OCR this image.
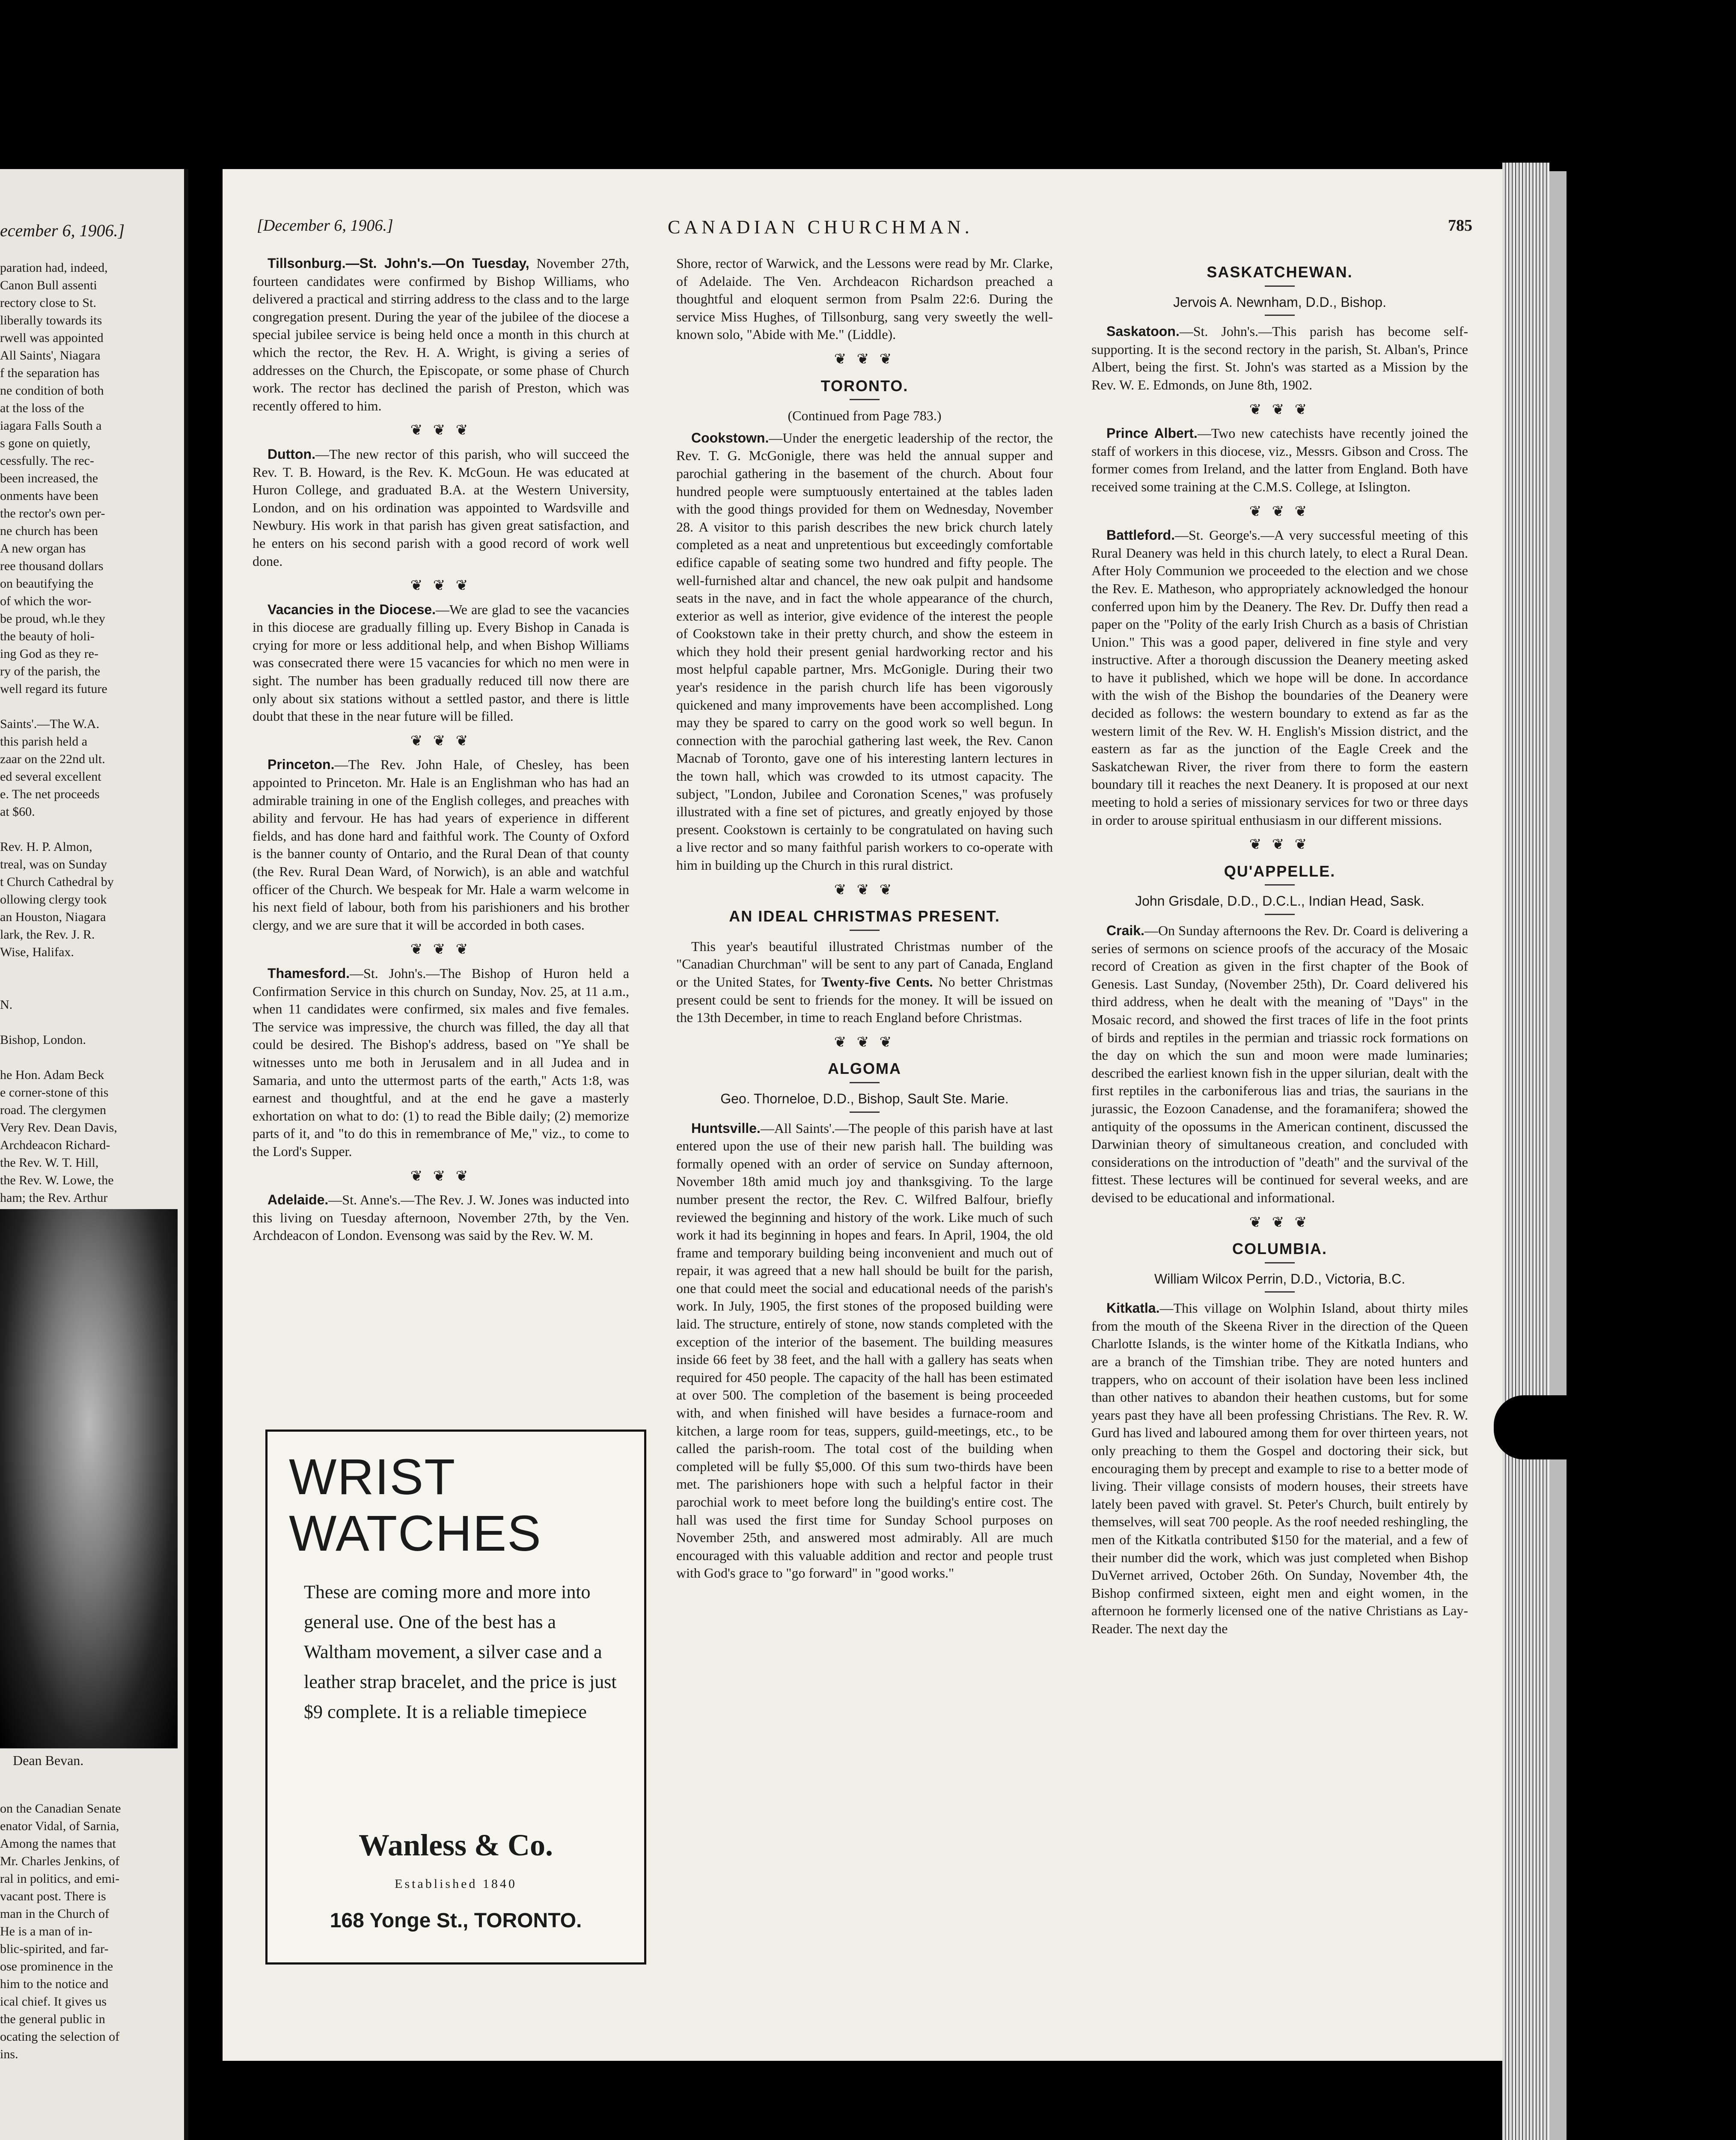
ecember 6, 1906.]
paration had, indeed,
Canon Bull assenti
rectory close to St.
liberally towards its
rwell was appointed
All Saints', Niagara
f the separation has
ne condition of both
at the loss of the
iagara Falls South a
s gone on quietly,
cessfully. The rec-
been increased, the
onments have been
the rector's own per-
ne church has been
A new organ has
ree thousand dollars
on beautifying the
of which the wor-
be proud, wh.le they
the beauty of holi-
ing God as they re-
ry of the parish, the
well regard its future

Saints'.—The W.A.
this parish held a
zaar on the 22nd ult.
ed several excellent
e. The net proceeds
at $60.

Rev. H. P. Almon,
treal, was on Sunday
t Church Cathedral by
ollowing clergy took
an Houston, Niagara
lark, the Rev. J. R.
Wise, Halifax.

N.

Bishop, London.

he Hon. Adam Beck
e corner-stone of this
road. The clergymen
Very Rev. Dean Davis,
Archdeacon Richard-
the Rev. W. T. Hill,
the Rev. W. Lowe, the
ham; the Rev. Arthur

Dean Bevan.
on the Canadian Senate
enator Vidal, of Sarnia,
Among the names that
Mr. Charles Jenkins, of
ral in politics, and emi-
vacant post. There is
man in the Church of
He is a man of in-
blic-spirited, and far-
ose prominence in the
him to the notice and
ical chief. It gives us
the general public in
ocating the selection of
ins.
[December 6, 1906.]	CANADIAN CHURCHMAN.	785

Tillsonburg.—St. John's.—On Tuesday, November 27th, fourteen candidates were confirmed by Bishop Williams, who delivered a practical and stirring address to the class and to the large congregation present. During the year of the jubilee of the diocese a special jubilee service is being held once a month in this church at which the rector, the Rev. H. A. Wright, is giving a series of addresses on the Church, the Episcopate, or some phase of Church work. The rector has declined the parish of Preston, which was recently offered to him.

❦ ❦ ❦

Dutton.—The new rector of this parish, who will succeed the Rev. T. B. Howard, is the Rev. K. McGoun. He was educated at Huron College, and graduated B.A. at the Western University, London, and on his ordination was appointed to Wardsville and Newbury. His work in that parish has given great satisfaction, and he enters on his second parish with a good record of work well done.

❦ ❦ ❦

Vacancies in the Diocese.—We are glad to see the vacancies in this diocese are gradually filling up. Every Bishop in Canada is crying for more or less additional help, and when Bishop Williams was consecrated there were 15 vacancies for which no men were in sight. The number has been gradually reduced till now there are only about six stations without a settled pastor, and there is little doubt that these in the near future will be filled.

❦ ❦ ❦

Princeton.—The Rev. John Hale, of Chesley, has been appointed to Princeton. Mr. Hale is an Englishman who has had an admirable training in one of the English colleges, and preaches with ability and fervour. He has had years of experience in different fields, and has done hard and faithful work. The County of Oxford is the banner county of Ontario, and the Rural Dean of that county (the Rev. Rural Dean Ward, of Norwich), is an able and watchful officer of the Church. We bespeak for Mr. Hale a warm welcome in his next field of labour, both from his parishioners and his brother clergy, and we are sure that it will be accorded in both cases.

❦ ❦ ❦

Thamesford.—St. John's.—The Bishop of Huron held a Confirmation Service in this church on Sunday, Nov. 25, at 11 a.m., when 11 candidates were confirmed, six males and five females. The service was impressive, the church was filled, the day all that could be desired. The Bishop's address, based on "Ye shall be witnesses unto me both in Jerusalem and in all Judea and in Samaria, and unto the uttermost parts of the earth," Acts 1:8, was earnest and thoughtful, and at the end he gave a masterly exhortation on what to do: (1) to read the Bible daily; (2) memorize parts of it, and "to do this in remembrance of Me," viz., to come to the Lord's Supper.

❦ ❦ ❦

Adelaide.—St. Anne's.—The Rev. J. W. Jones was inducted into this living on Tuesday afternoon, November 27th, by the Ven. Archdeacon of London. Evensong was said by the Rev. W. M.

WRIST
WATCHES
These are coming more and more into general use. One of the best has a Waltham movement, a silver case and a leather strap bracelet, and the price is just $9 complete. It is a reliable timepiece
Wanless & Co.
Established 1840
168 Yonge St., TORONTO.

Shore, rector of Warwick, and the Lessons were read by Mr. Clarke, of Adelaide. The Ven. Archdeacon Richardson preached a thoughtful and eloquent sermon from Psalm 22:6. During the service Miss Hughes, of Tillsonburg, sang very sweetly the well-known solo, "Abide with Me." (Liddle).

❦ ❦ ❦
TORONTO.
(Continued from Page 783.)

Cookstown.—Under the energetic leadership of the rector, the Rev. T. G. McGonigle, there was held the annual supper and parochial gathering in the basement of the church. About four hundred people were sumptuously entertained at the tables laden with the good things provided for them on Wednesday, November 28. A visitor to this parish describes the new brick church lately completed as a neat and unpretentious but exceedingly comfortable edifice capable of seating some two hundred and fifty people. The well-furnished altar and chancel, the new oak pulpit and handsome seats in the nave, and in fact the whole appearance of the church, exterior as well as interior, give evidence of the interest the people of Cookstown take in their pretty church, and show the esteem in which they hold their present genial hardworking rector and his most helpful capable partner, Mrs. McGonigle. During their two year's residence in the parish church life has been vigorously quickened and many improvements have been accomplished. Long may they be spared to carry on the good work so well begun. In connection with the parochial gathering last week, the Rev. Canon Macnab of Toronto, gave one of his interesting lantern lectures in the town hall, which was crowded to its utmost capacity. The subject, "London, Jubilee and Coronation Scenes," was profusely illustrated with a fine set of pictures, and greatly enjoyed by those present. Cookstown is certainly to be congratulated on having such a live rector and so many faithful parish workers to co-operate with him in building up the Church in this rural district.

❦ ❦ ❦
AN IDEAL CHRISTMAS PRESENT.

This year's beautiful illustrated Christmas number of the "Canadian Churchman" will be sent to any part of Canada, England or the United States, for Twenty-five Cents. No better Christmas present could be sent to friends for the money. It will be issued on the 13th December, in time to reach England before Christmas.

❦ ❦ ❦
ALGOMA
Geo. Thorneloe, D.D., Bishop, Sault Ste. Marie.

Huntsville.—All Saints'.—The people of this parish have at last entered upon the use of their new parish hall. The building was formally opened with an order of service on Sunday afternoon, November 18th amid much joy and thanksgiving. To the large number present the rector, the Rev. C. Wilfred Balfour, briefly reviewed the beginning and history of the work. Like much of such work it had its beginning in hopes and fears. In April, 1904, the old frame and temporary building being inconvenient and much out of repair, it was agreed that a new hall should be built for the parish, one that could meet the social and educational needs of the parish's work. In July, 1905, the first stones of the proposed building were laid. The structure, entirely of stone, now stands completed with the exception of the interior of the basement. The building measures inside 66 feet by 38 feet, and the hall with a gallery has seats when required for 450 people. The capacity of the hall has been estimated at over 500. The completion of the basement is being proceeded with, and when finished will have besides a furnace-room and kitchen, a large room for teas, suppers, guild-meetings, etc., to be called the parish-room. The total cost of the building when completed will be fully $5,000. Of this sum two-thirds have been met. The parishioners hope with such a helpful factor in their parochial work to meet before long the building's entire cost. The hall was used the first time for Sunday School purposes on November 25th, and answered most admirably. All are much encouraged with this valuable addition and rector and people trust with God's grace to "go forward" in "good works."

SASKATCHEWAN.
Jervois A. Newnham, D.D., Bishop.

Saskatoon.—St. John's.—This parish has become self-supporting. It is the second rectory in the parish, St. Alban's, Prince Albert, being the first. St. John's was started as a Mission by the Rev. W. E. Edmonds, on June 8th, 1902.

❦ ❦ ❦

Prince Albert.—Two new catechists have recently joined the staff of workers in this diocese, viz., Messrs. Gibson and Cross. The former comes from Ireland, and the latter from England. Both have received some training at the C.M.S. College, at Islington.

❦ ❦ ❦

Battleford.—St. George's.—A very successful meeting of this Rural Deanery was held in this church lately, to elect a Rural Dean. After Holy Communion we proceeded to the election and we chose the Rev. E. Matheson, who appropriately acknowledged the honour conferred upon him by the Deanery. The Rev. Dr. Duffy then read a paper on the "Polity of the early Irish Church as a basis of Christian Union." This was a good paper, delivered in fine style and very instructive. After a thorough discussion the Deanery meeting asked to have it published, which we hope will be done. In accordance with the wish of the Bishop the boundaries of the Deanery were decided as follows: the western boundary to extend as far as the western limit of the Rev. W. H. English's Mission district, and the eastern as far as the junction of the Eagle Creek and the Saskatchewan River, the river from there to form the eastern boundary till it reaches the next Deanery. It is proposed at our next meeting to hold a series of missionary services for two or three days in order to arouse spiritual enthusiasm in our different missions.

❦ ❦ ❦
QU'APPELLE.
John Grisdale, D.D., D.C.L., Indian Head, Sask.

Craik.—On Sunday afternoons the Rev. Dr. Coard is delivering a series of sermons on science proofs of the accuracy of the Mosaic record of Creation as given in the first chapter of the Book of Genesis. Last Sunday, (November 25th), Dr. Coard delivered his third address, when he dealt with the meaning of "Days" in the Mosaic record, and showed the first traces of life in the foot prints of birds and reptiles in the permian and triassic rock formations on the day on which the sun and moon were made luminaries; described the earliest known fish in the upper silurian, dealt with the first reptiles in the carboniferous lias and trias, the saurians in the jurassic, the Eozoon Canadense, and the foramanifera; showed the antiquity of the opossums in the American continent, discussed the Darwinian theory of simultaneous creation, and concluded with considerations on the introduction of "death" and the survival of the fittest. These lectures will be continued for several weeks, and are devised to be educational and informational.

❦ ❦ ❦
COLUMBIA.
William Wilcox Perrin, D.D., Victoria, B.C.

Kitkatla.—This village on Wolphin Island, about thirty miles from the mouth of the Skeena River in the direction of the Queen Charlotte Islands, is the winter home of the Kitkatla Indians, who are a branch of the Timshian tribe. They are noted hunters and trappers, who on account of their isolation have been less inclined than other natives to abandon their heathen customs, but for some years past they have all been professing Christians. The Rev. R. W. Gurd has lived and laboured among them for over thirteen years, not only preaching to them the Gospel and doctoring their sick, but encouraging them by precept and example to rise to a better mode of living. Their village consists of modern houses, their streets have lately been paved with gravel. St. Peter's Church, built entirely by themselves, will seat 700 people. As the roof needed reshingling, the men of the Kitkatla contributed $150 for the material, and a few of their number did the work, which was just completed when Bishop DuVernet arrived, October 26th. On Sunday, November 4th, the Bishop confirmed sixteen, eight men and eight women, in the afternoon he formerly licensed one of the native Christians as Lay-Reader. The next day the
